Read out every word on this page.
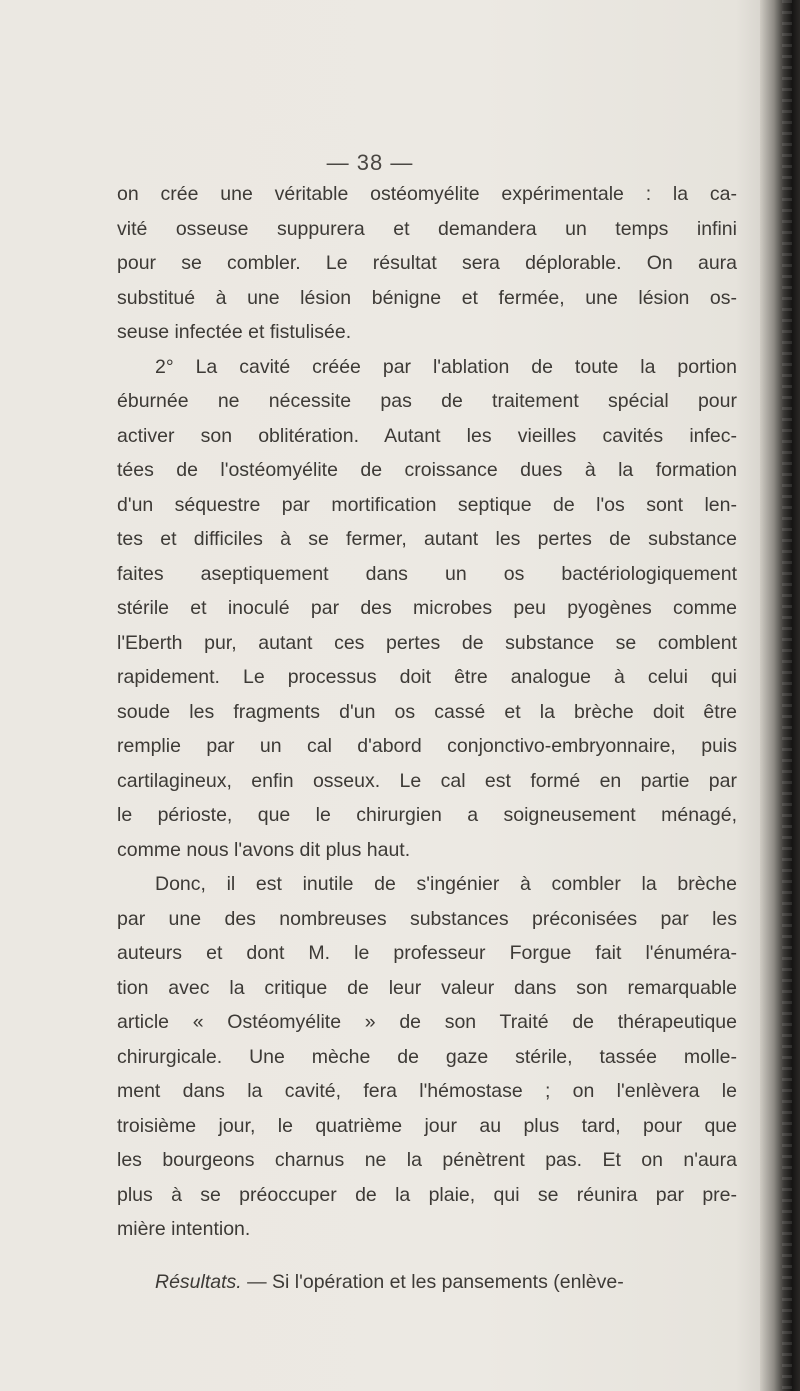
— 38 —
on crée une véritable ostéomyélite expérimentale : la ca-
vité osseuse suppurera et demandera un temps infini
pour se combler. Le résultat sera déplorable. On aura
substitué à une lésion bénigne et fermée, une lésion os-
seuse infectée et fistulisée.
2° La cavité créée par l'ablation de toute la portion
éburnée ne nécessite pas de traitement spécial pour
activer son oblitération. Autant les vieilles cavités infec-
tées de l'ostéomyélite de croissance dues à la formation
d'un séquestre par mortification septique de l'os sont len-
tes et difficiles à se fermer, autant les pertes de substance
faites aseptiquement dans un os bactériologiquement
stérile et inoculé par des microbes peu pyogènes comme
l'Eberth pur, autant ces pertes de substance se comblent
rapidement. Le processus doit être analogue à celui qui
soude les fragments d'un os cassé et la brèche doit être
remplie par un cal d'abord conjonctivo-embryonnaire, puis
cartilagineux, enfin osseux. Le cal est formé en partie par
le périoste, que le chirurgien a soigneusement ménagé,
comme nous l'avons dit plus haut.
Donc, il est inutile de s'ingénier à combler la brèche
par une des nombreuses substances préconisées par les
auteurs et dont M. le professeur Forgue fait l'énuméra-
tion avec la critique de leur valeur dans son remarquable
article « Ostéomyélite » de son Traité de thérapeutique
chirurgicale. Une mèche de gaze stérile, tassée molle-
ment dans la cavité, fera l'hémostase ; on l'enlèvera le
troisième jour, le quatrième jour au plus tard, pour que
les bourgeons charnus ne la pénètrent pas. Et on n'aura
plus à se préoccuper de la plaie, qui se réunira par pre-
mière intention.
Résultats. — Si l'opération et les pansements (enlève-
